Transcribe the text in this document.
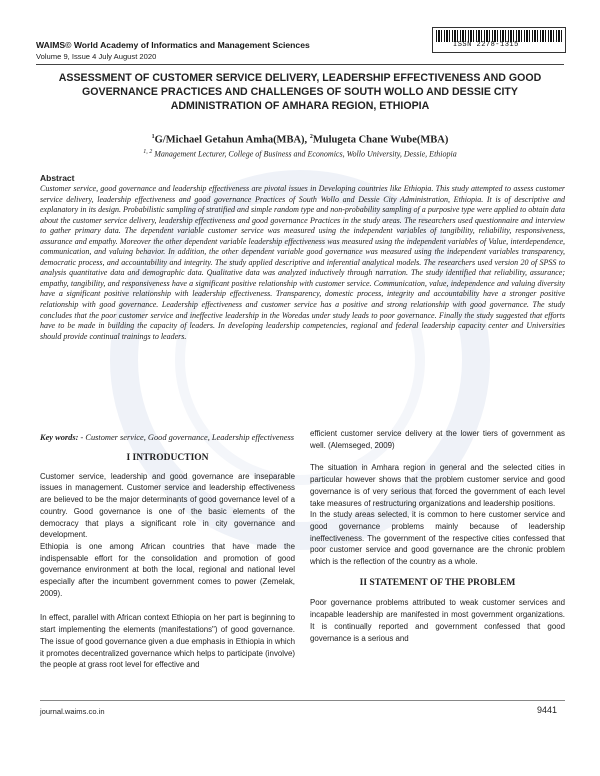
WAIMS© World Academy of Informatics and Management Sciences
Volume 9, Issue 4 July August 2020
ISSN 2278-1315
ASSESSMENT OF CUSTOMER SERVICE DELIVERY, LEADERSHIP EFFECTIVENESS AND GOOD GOVERNANCE PRACTICES AND CHALLENGES OF SOUTH WOLLO AND DESSIE CITY ADMINISTRATION OF AMHARA REGION, ETHIOPIA
$^1$G/Michael Getahun Amha(MBA), $^2$Mulugeta Chane Wube(MBA)
$^{1, 2}$ Management Lecturer, College of Business and Economics, Wollo University, Dessie, Ethiopia
Abstract
Customer service, good governance and leadership effectiveness are pivotal issues in Developing countries like Ethiopia. This study attempted to assess customer service delivery, leadership effectiveness and good governance Practices of South Wollo and Dessie City Administration, Ethiopia. It is of descriptive and explanatory in its design. Probabilistic sampling of stratified and simple random type and non-probability sampling of a purposive type were applied to obtain data about the customer service delivery, leadership effectiveness and good governance Practices in the study areas. The researchers used questionnaire and interview to gather primary data. The dependent variable customer service was measured using the independent variables of tangibility, reliability, responsiveness, assurance and empathy. Moreover the other dependent variable leadership effectiveness was measured using the independent variables of Value, interdependence, communication, and valuing behavior. In addition, the other dependent variable good governance was measured using the independent variables transparency, democratic process, and accountability and integrity. The study applied descriptive and inferential analytical models. The researchers used version 20 of SPSS to analysis quantitative data and demographic data. Qualitative data was analyzed inductively through narration. The study identified that reliability, assurance; empathy, tangibility, and responsiveness have a significant positive relationship with customer service. Communication, value, independence and valuing diversity have a significant positive relationship with leadership effectiveness. Transparency, domestic process, integrity and accountability have a stronger positive relationship with good governance. Leadership effectiveness and customer service has a positive and strong relationship with good governance. The study concludes that the poor customer service and ineffective leadership in the Woredas under study leads to poor governance. Finally the study suggested that efforts have to be made in building the capacity of leaders. In developing leadership competencies, regional and federal leadership capacity center and Universities should provide continual trainings to leaders.
Key words: - Customer service, Good governance, Leadership effectiveness

I INTRODUCTION

Customer service, leadership and good governance are inseparable issues in management. Customer service and leadership effectiveness are believed to be the major determinants of good governance level of a country. Good governance is one of the basic elements of the democracy that plays a significant role in city governance and development.

Ethiopia is one among African countries that have made the indispensable effort for the consolidation and promotion of good governance environment at both the local, regional and national level especially after the incumbent government comes to power (Zemelak, 2009).

In effect, parallel with African context Ethiopia on her part is beginning to start implementing the elements (manifestations") of good governance. The issue of good governance given a due emphasis in Ethiopia in which it promotes decentralized governance which helps to participate (involve) the people at grass root level for effective and

efficient customer service delivery at the lower tiers of government as well. (Alemseged, 2009)

The situation in Amhara region in general and the selected cities in particular however shows that the problem customer service and good governance is of very serious that forced the government of each level take measures of restructuring organizations and leadership positions.

In the study areas selected, it is common to here customer service and good governance problems mainly because of leadership ineffectiveness. The government of the respective cities confessed that poor customer service and good governance are the chronic problem which is the reflection of the country as a whole.

II STATEMENT OF THE PROBLEM

Poor governance problems attributed to weak customer services and incapable leadership are manifested in most government organizations. It is continually reported and government confessed that good governance is a serious and

journal.waims.co.in	9441
